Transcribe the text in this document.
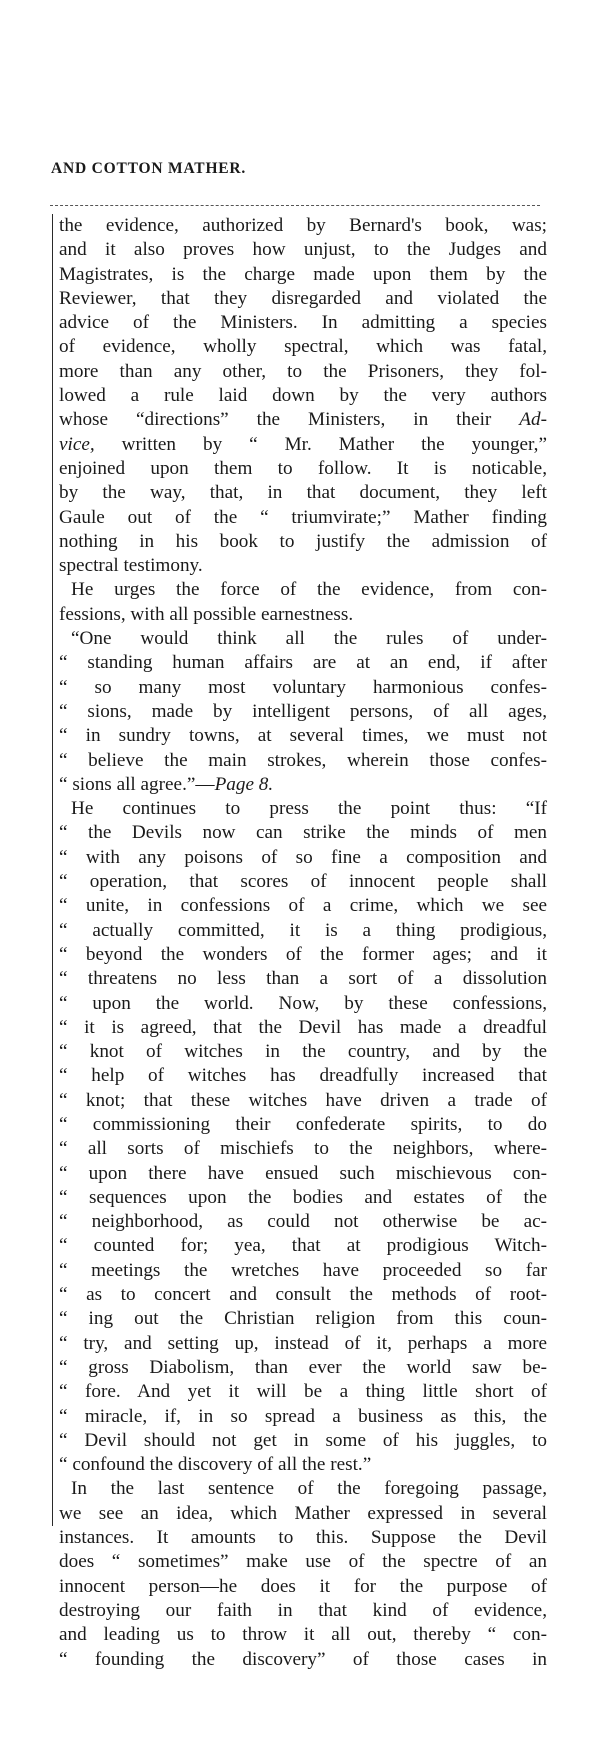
AND COTTON MATHER.
the evidence, authorized by Bernard's book, was;
and it also proves how unjust, to the Judges and
Magistrates, is the charge made upon them by the
Reviewer, that they disregarded and violated the
advice of the Ministers. In admitting a species
of evidence, wholly spectral, which was fatal,
more than any other, to the Prisoners, they fol-
lowed a rule laid down by the very authors
whose “directions” the Ministers, in their Ad-
vice, written by “ Mr. Mather the younger,”
enjoined upon them to follow. It is noticable,
by the way, that, in that document, they left
Gaule out of the “ triumvirate;” Mather finding
nothing in his book to justify the admission of
spectral testimony.
He urges the force of the evidence, from con-
fessions, with all possible earnestness.
“One would think all the rules of under-
“ standing human affairs are at an end, if after
“ so many most voluntary harmonious confes-
“ sions, made by intelligent persons, of all ages,
“ in sundry towns, at several times, we must not
“ believe the main strokes, wherein those confes-
“ sions all agree.”—Page 8.
He continues to press the point thus: “If
“ the Devils now can strike the minds of men
“ with any poisons of so fine a composition and
“ operation, that scores of innocent people shall
“ unite, in confessions of a crime, which we see
“ actually committed, it is a thing prodigious,
“ beyond the wonders of the former ages; and it
“ threatens no less than a sort of a dissolution
“ upon the world. Now, by these confessions,
“ it is agreed, that the Devil has made a dreadful
“ knot of witches in the country, and by the
“ help of witches has dreadfully increased that
“ knot; that these witches have driven a trade of
“ commissioning their confederate spirits, to do
“ all sorts of mischiefs to the neighbors, where-
“ upon there have ensued such mischievous con-
“ sequences upon the bodies and estates of the
“ neighborhood, as could not otherwise be ac-
“ counted for; yea, that at prodigious Witch-
“ meetings the wretches have proceeded so far
“ as to concert and consult the methods of root-
“ ing out the Christian religion from this coun-
“ try, and setting up, instead of it, perhaps a more
“ gross Diabolism, than ever the world saw be-
“ fore. And yet it will be a thing little short of
“ miracle, if, in so spread a business as this, the
“ Devil should not get in some of his juggles, to
“ confound the discovery of all the rest.”
In the last sentence of the foregoing passage,
we see an idea, which Mather expressed in several
instances. It amounts to this. Suppose the Devil
does “ sometimes” make use of the spectre of an
innocent person—he does it for the purpose of
destroying our faith in that kind of evidence,
and leading us to throw it all out, thereby “ con-
“ founding the discovery” of those cases in
